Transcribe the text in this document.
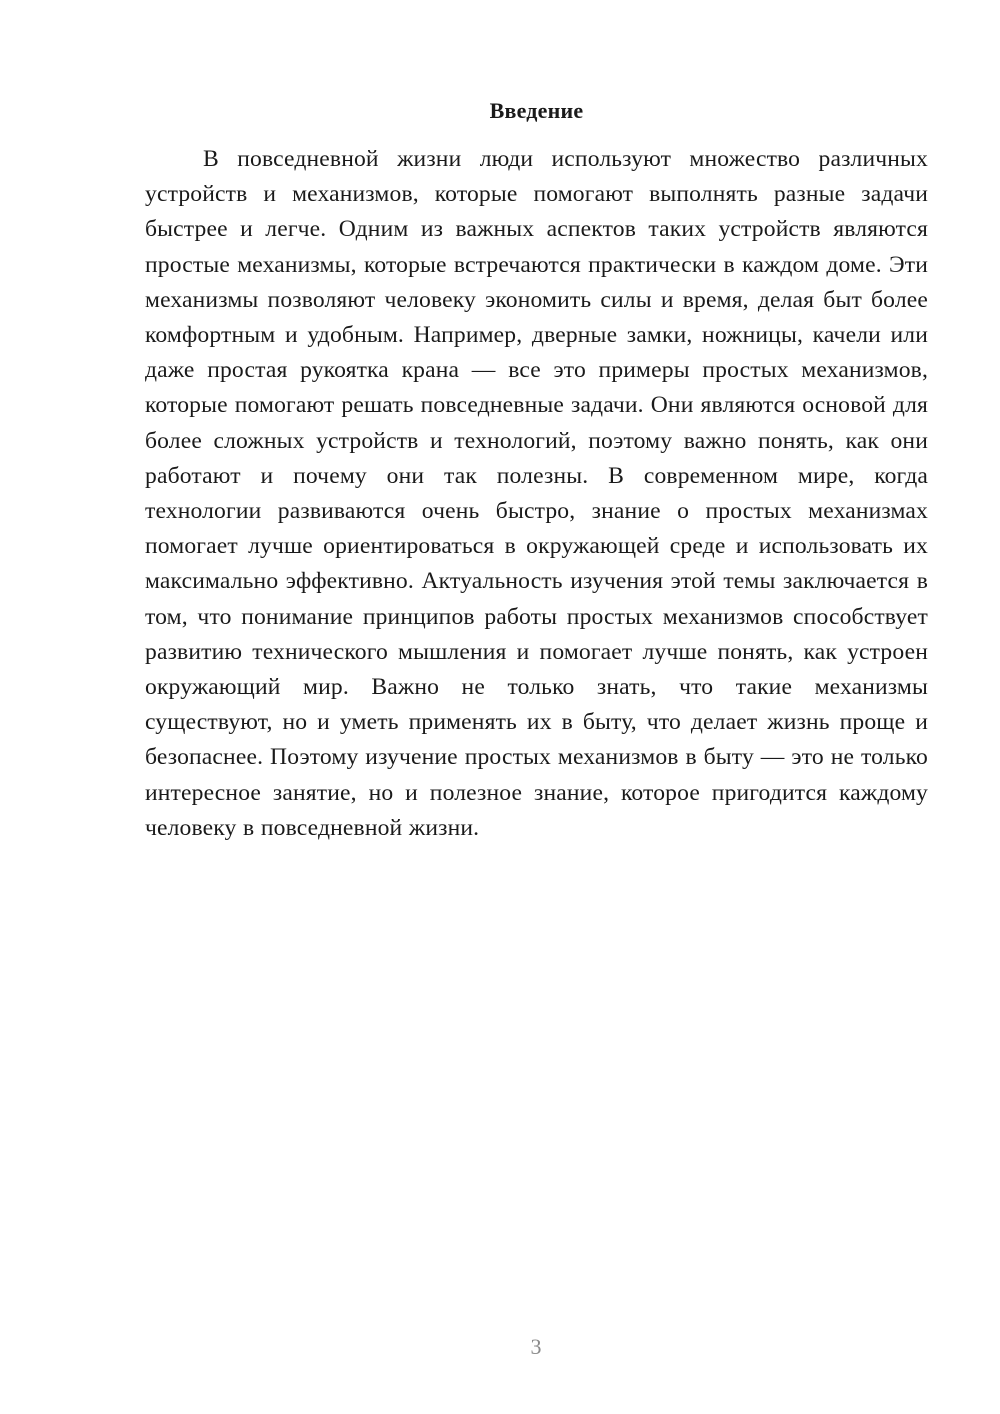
Введение

В повседневной жизни люди используют множество различных устройств и механизмов, которые помогают выполнять разные задачи быстрее и легче. Одним из важных аспектов таких устройств являются простые механизмы, которые встречаются практически в каждом доме. Эти механизмы позволяют человеку экономить силы и время, делая быт более комфортным и удобным. Например, дверные замки, ножницы, качели или даже простая рукоятка крана — все это примеры простых механизмов, которые помогают решать повседневные задачи. Они являются основой для более сложных устройств и технологий, поэтому важно понять, как они работают и почему они так полезны. В современном мире, когда технологии развиваются очень быстро, знание о простых механизмах помогает лучше ориентироваться в окружающей среде и использовать их максимально эффективно. Актуальность изучения этой темы заключается в том, что понимание принципов работы простых механизмов способствует развитию технического мышления и помогает лучше понять, как устроен окружающий мир. Важно не только знать, что такие механизмы существуют, но и уметь применять их в быту, что делает жизнь проще и безопаснее. Поэтому изучение простых механизмов в быту — это не только интересное занятие, но и полезное знание, которое пригодится каждому человеку в повседневной жизни.

3
